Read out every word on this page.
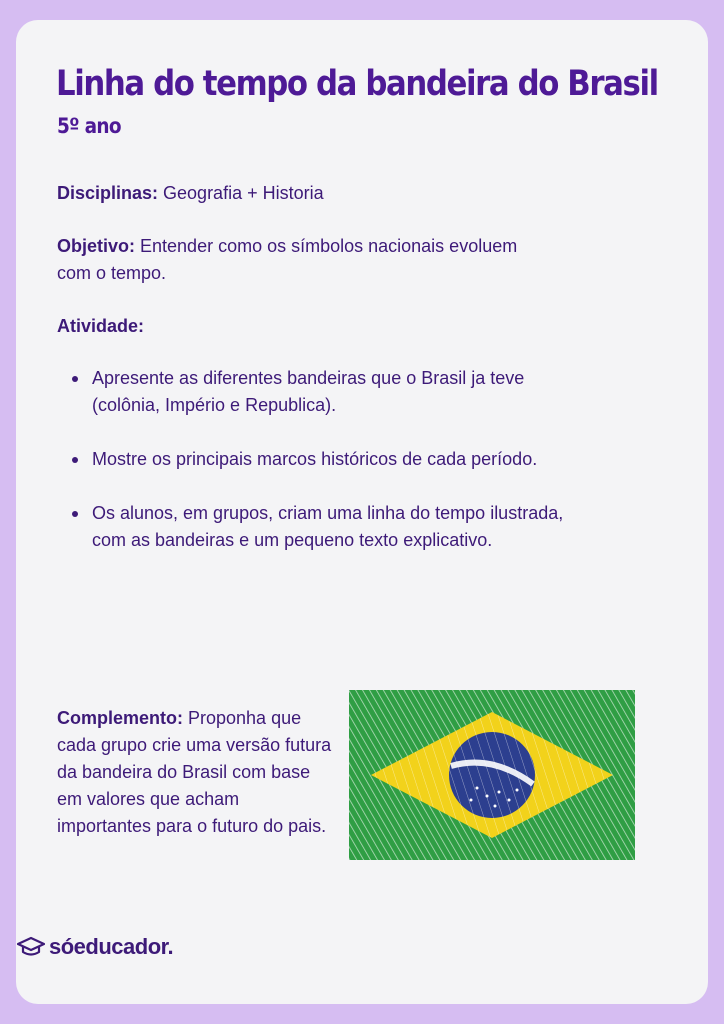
Linha do tempo da bandeira do Brasil
5º ano

Disciplinas: Geografia + Historia

Objetivo: Entender como os símbolos nacionais evoluem com o tempo.

Atividade:

Apresente as diferentes bandeiras que o Brasil ja teve (colônia, Império e Republica).
Mostre os principais marcos históricos de cada período.
Os alunos, em grupos, criam uma linha do tempo ilustrada, com as bandeiras e um pequeno texto explicativo.

Complemento: Proponha que cada grupo crie uma versão futura da bandeira do Brasil com base em valores que acham importantes para o futuro do pais.

sóeducador.
